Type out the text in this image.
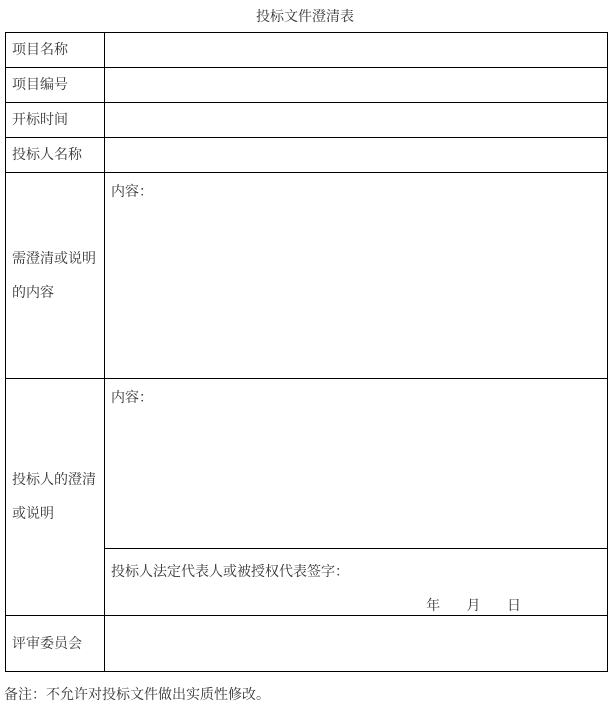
投标文件澄清表
项目名称	
项目编号	
开标时间	
投标人名称	
需澄清或说明的内容	内容：
投标人的澄清或说明	内容：

	投标人法定代表人或被授权代表签字：
年 月 日

评审委员会	
备注：不允许对投标文件做出实质性修改。
